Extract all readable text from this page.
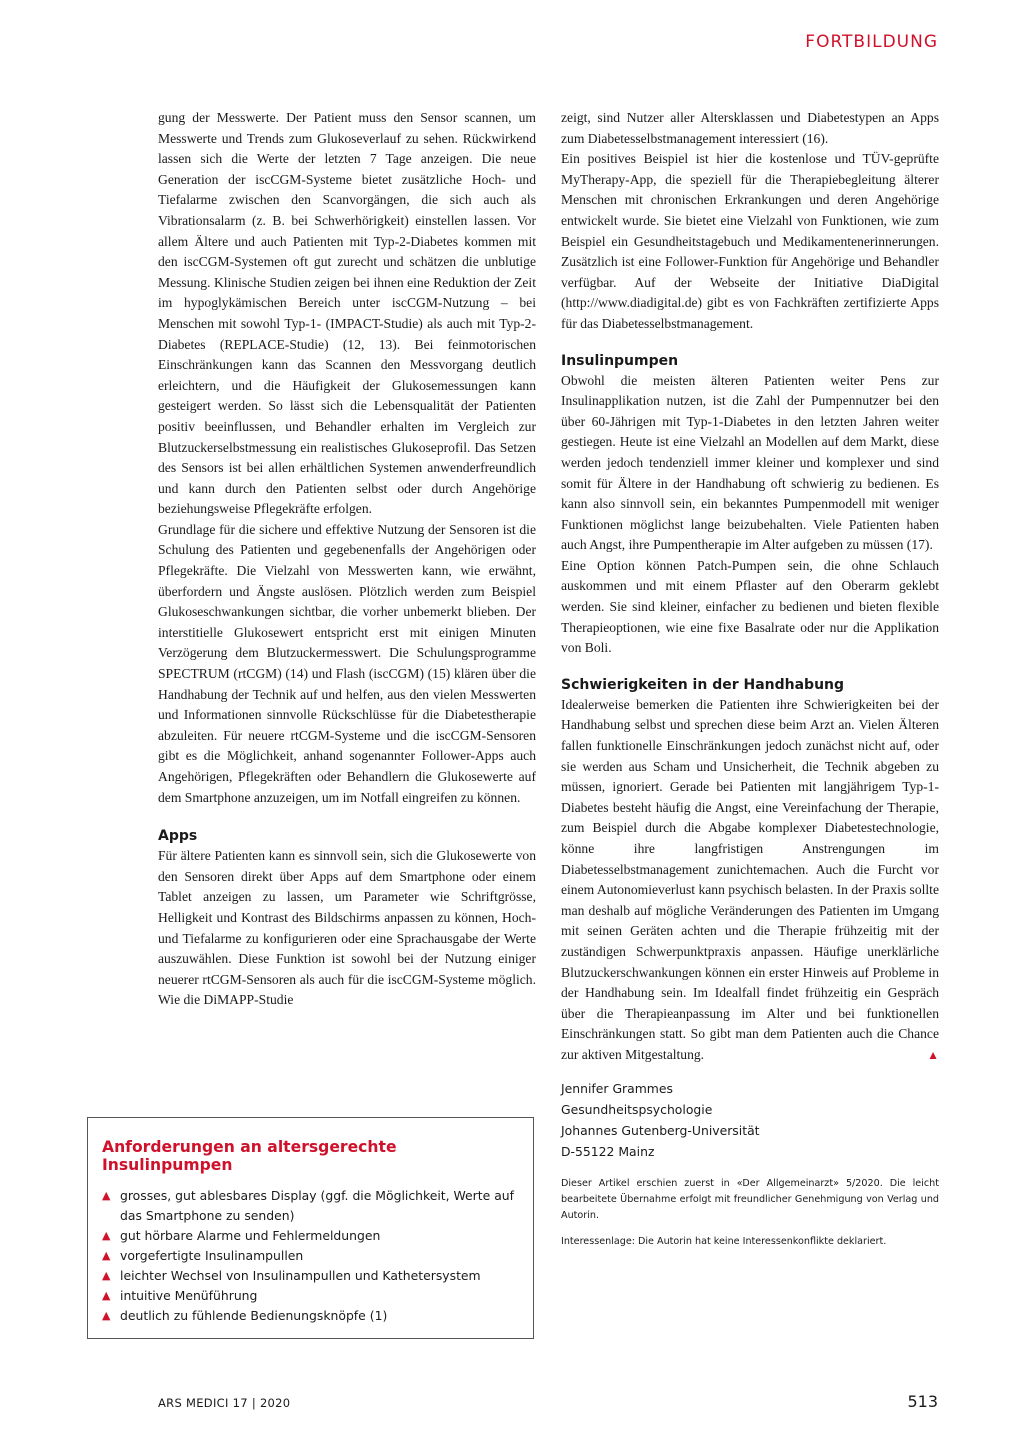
FORTBILDUNG

gung der Messwerte. Der Patient muss den Sensor scannen, um Messwerte und Trends zum Glukoseverlauf zu sehen. Rückwirkend lassen sich die Werte der letzten 7 Tage anzeigen. Die neue Generation der iscCGM-Systeme bietet zusätzliche Hoch- und Tiefalarme zwischen den Scanvorgängen, die sich auch als Vibrationsalarm (z. B. bei Schwerhörigkeit) einstellen lassen. Vor allem Ältere und auch Patienten mit Typ-2-Diabetes kommen mit den iscCGM-Systemen oft gut zurecht und schätzen die unblutige Messung. Klinische Studien zeigen bei ihnen eine Reduktion der Zeit im hypoglykämischen Bereich unter iscCGM-Nutzung – bei Menschen mit sowohl Typ-1- (IMPACT-Studie) als auch mit Typ-2-Diabetes (REPLACE-Studie) (12, 13). Bei feinmotorischen Einschränkungen kann das Scannen den Messvorgang deutlich erleichtern, und die Häufigkeit der Glukosemessungen kann gesteigert werden. So lässt sich die Lebensqualität der Patienten positiv beeinflussen, und Behandler erhalten im Vergleich zur Blutzuckerselbstmessung ein realistisches Glukoseprofil. Das Setzen des Sensors ist bei allen erhältlichen Systemen anwenderfreundlich und kann durch den Patienten selbst oder durch Angehörige beziehungsweise Pflegekräfte erfolgen.

Grundlage für die sichere und effektive Nutzung der Sensoren ist die Schulung des Patienten und gegebenenfalls der Angehörigen oder Pflegekräfte. Die Vielzahl von Messwerten kann, wie erwähnt, überfordern und Ängste auslösen. Plötzlich werden zum Beispiel Glukoseschwankungen sichtbar, die vorher unbemerkt blieben. Der interstitielle Glukosewert entspricht erst mit einigen Minuten Verzögerung dem Blutzuckermesswert. Die Schulungsprogramme SPECTRUM (rtCGM) (14) und Flash (iscCGM) (15) klären über die Handhabung der Technik auf und helfen, aus den vielen Messwerten und Informationen sinnvolle Rückschlüsse für die Diabetestherapie abzuleiten. Für neuere rtCGM-Systeme und die iscCGM-Sensoren gibt es die Möglichkeit, anhand sogenannter Follower-Apps auch Angehörigen, Pflegekräften oder Behandlern die Glukosewerte auf dem Smartphone anzuzeigen, um im Notfall eingreifen zu können.

Apps

Für ältere Patienten kann es sinnvoll sein, sich die Glukosewerte von den Sensoren direkt über Apps auf dem Smartphone oder einem Tablet anzeigen zu lassen, um Parameter wie Schriftgrösse, Helligkeit und Kontrast des Bildschirms anpassen zu können, Hoch- und Tiefalarme zu konfigurieren oder eine Sprachausgabe der Werte auszuwählen. Diese Funktion ist sowohl bei der Nutzung einiger neuerer rtCGM-Sensoren als auch für die iscCGM-Systeme möglich. Wie die DiMAPP-Studie

zeigt, sind Nutzer aller Altersklassen und Diabetestypen an Apps zum Diabetesselbstmanagement interessiert (16).

Ein positives Beispiel ist hier die kostenlose und TÜV-geprüfte MyTherapy-App, die speziell für die Therapiebegleitung älterer Menschen mit chronischen Erkrankungen und deren Angehörige entwickelt wurde. Sie bietet eine Vielzahl von Funktionen, wie zum Beispiel ein Gesundheitstagebuch und Medikamentenerinnerungen. Zusätzlich ist eine Follower-Funktion für Angehörige und Behandler verfügbar. Auf der Webseite der Initiative DiaDigital (http://www.diadigital.de) gibt es von Fachkräften zertifizierte Apps für das Diabetesselbstmanagement.

Insulinpumpen

Obwohl die meisten älteren Patienten weiter Pens zur Insulinapplikation nutzen, ist die Zahl der Pumpennutzer bei den über 60-Jährigen mit Typ-1-Diabetes in den letzten Jahren weiter gestiegen. Heute ist eine Vielzahl an Modellen auf dem Markt, diese werden jedoch tendenziell immer kleiner und komplexer und sind somit für Ältere in der Handhabung oft schwierig zu bedienen. Es kann also sinnvoll sein, ein bekanntes Pumpenmodell mit weniger Funktionen möglichst lange beizubehalten. Viele Patienten haben auch Angst, ihre Pumpentherapie im Alter aufgeben zu müssen (17).

Eine Option können Patch-Pumpen sein, die ohne Schlauch auskommen und mit einem Pflaster auf den Oberarm geklebt werden. Sie sind kleiner, einfacher zu bedienen und bieten flexible Therapieoptionen, wie eine fixe Basalrate oder nur die Applikation von Boli.

Schwierigkeiten in der Handhabung

Idealerweise bemerken die Patienten ihre Schwierigkeiten bei der Handhabung selbst und sprechen diese beim Arzt an. Vielen Älteren fallen funktionelle Einschränkungen jedoch zunächst nicht auf, oder sie werden aus Scham und Unsicherheit, die Technik abgeben zu müssen, ignoriert. Gerade bei Patienten mit langjährigem Typ-1-Diabetes besteht häufig die Angst, eine Vereinfachung der Therapie, zum Beispiel durch die Abgabe komplexer Diabetestechnologie, könne ihre langfristigen Anstrengungen im Diabetesselbstmanagement zunichtemachen. Auch die Furcht vor einem Autonomieverlust kann psychisch belasten. In der Praxis sollte man deshalb auf mögliche Veränderungen des Patienten im Umgang mit seinen Geräten achten und die Therapie frühzeitig mit der zuständigen Schwerpunktpraxis anpassen. Häufige unerklärliche Blutzuckerschwankungen können ein erster Hinweis auf Probleme in der Handhabung sein. Im Idealfall findet frühzeitig ein Gespräch über die Therapieanpassung im Alter und bei funktionellen Einschränkungen statt. So gibt man dem Patienten auch die Chance zur aktiven Mitgestaltung.	▲

Jennifer Grammes
Gesundheitspsychologie
Johannes Gutenberg-Universität
D-55122 Mainz

Dieser Artikel erschien zuerst in «Der Allgemeinarzt» 5/2020. Die leicht bearbeitete Übernahme erfolgt mit freundlicher Genehmigung von Verlag und Autorin.

Interessenlage: Die Autorin hat keine Interessenkonflikte deklariert.

Anforderungen an altersgerechte Insulinpumpen
▲ grosses, gut ablesbares Display (ggf. die Möglichkeit, Werte auf das Smartphone zu senden)
▲ gut hörbare Alarme und Fehlermeldungen
▲ vorgefertigte Insulinampullen
▲ leichter Wechsel von Insulinampullen und Kathetersystem
▲ intuitive Menüführung
▲ deutlich zu fühlende Bedienungsknöpfe (1)
ARS MEDICI 17 | 2020	513
